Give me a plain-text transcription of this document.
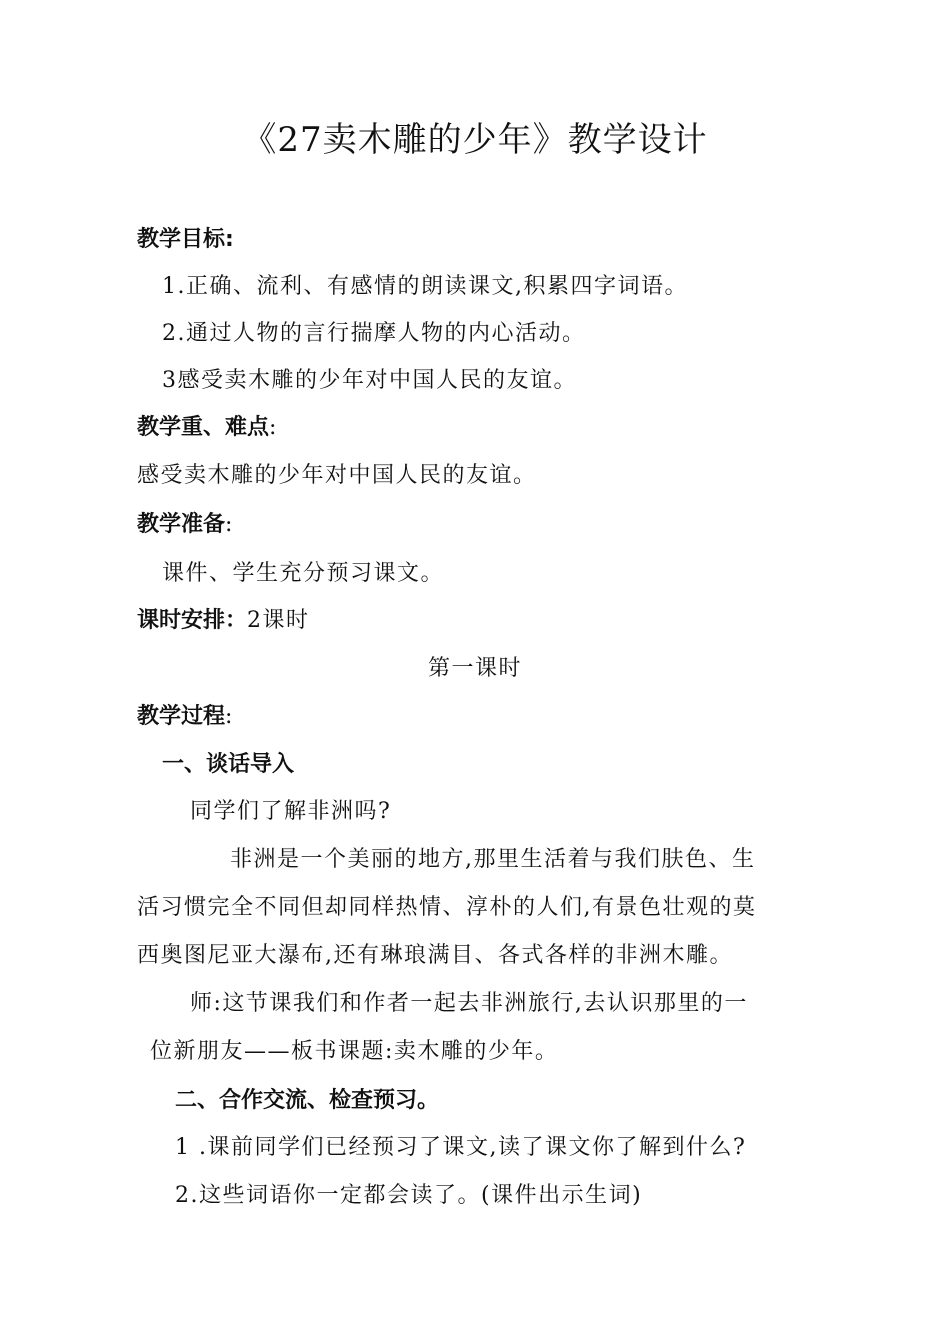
《27卖木雕的少年》教学设计
教学目标:
1.正确、流利、有感情的朗读课文,积累四字词语。
2.通过人物的言行揣摩人物的内心活动。
3感受卖木雕的少年对中国人民的友谊。
教学重、难点:
感受卖木雕的少年对中国人民的友谊。
教学准备:
课件、学生充分预习课文。
课时安排：2课时
第一课时
教学过程:
一、谈话导入
同学们了解非洲吗?
非洲是一个美丽的地方,那里生活着与我们肤色、生
活习惯完全不同但却同样热情、淳朴的人们,有景色壮观的莫
西奥图尼亚大瀑布,还有琳琅满目、各式各样的非洲木雕。
师:这节课我们和作者一起去非洲旅行,去认识那里的一
位新朋友——板书课题:卖木雕的少年。
二、合作交流、检查预习。
1 .课前同学们已经预习了课文,读了课文你了解到什么?
2.这些词语你一定都会读了。(课件出示生词)
